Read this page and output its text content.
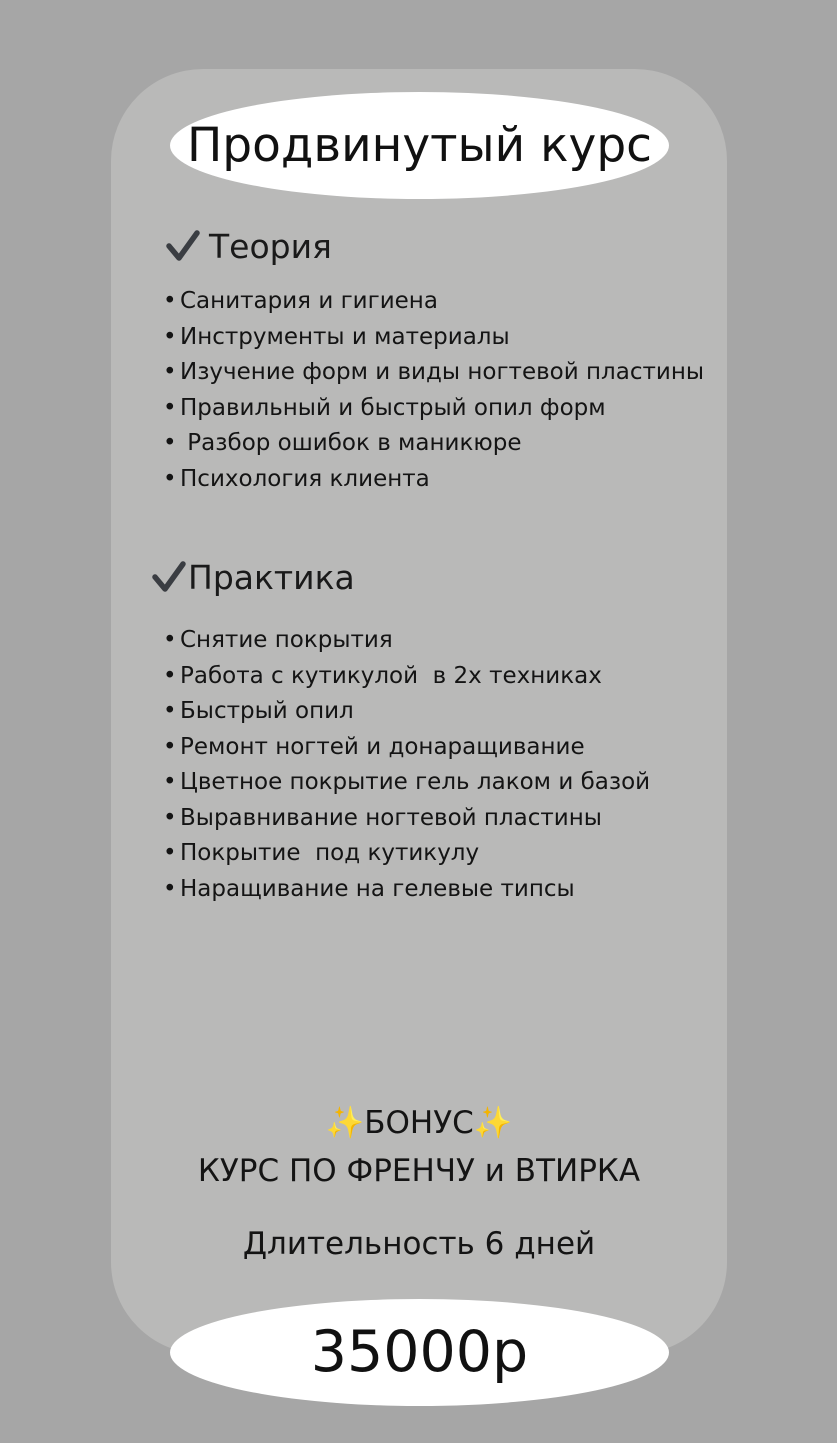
Продвинутый курс
Теория
• Санитария и гигиена
• Инструменты и материалы
• Изучение форм и виды ногтевой пластины
• Правильный и быстрый опил форм
• Разбор ошибок в маникюре
• Психология клиента
Практика
• Снятие покрытия
• Работа с кутикулой  в 2х техниках
• Быстрый опил
• Ремонт ногтей и донаращивание
• Цветное покрытие гель лаком и базой
• Выравнивание ногтевой пластины
• Покрытие  под кутикулу
• Наращивание на гелевые типсы
✨БОНУС✨
КУРС ПО ФРЕНЧУ и ВТИРКА
Длительность 6 дней
35000р
